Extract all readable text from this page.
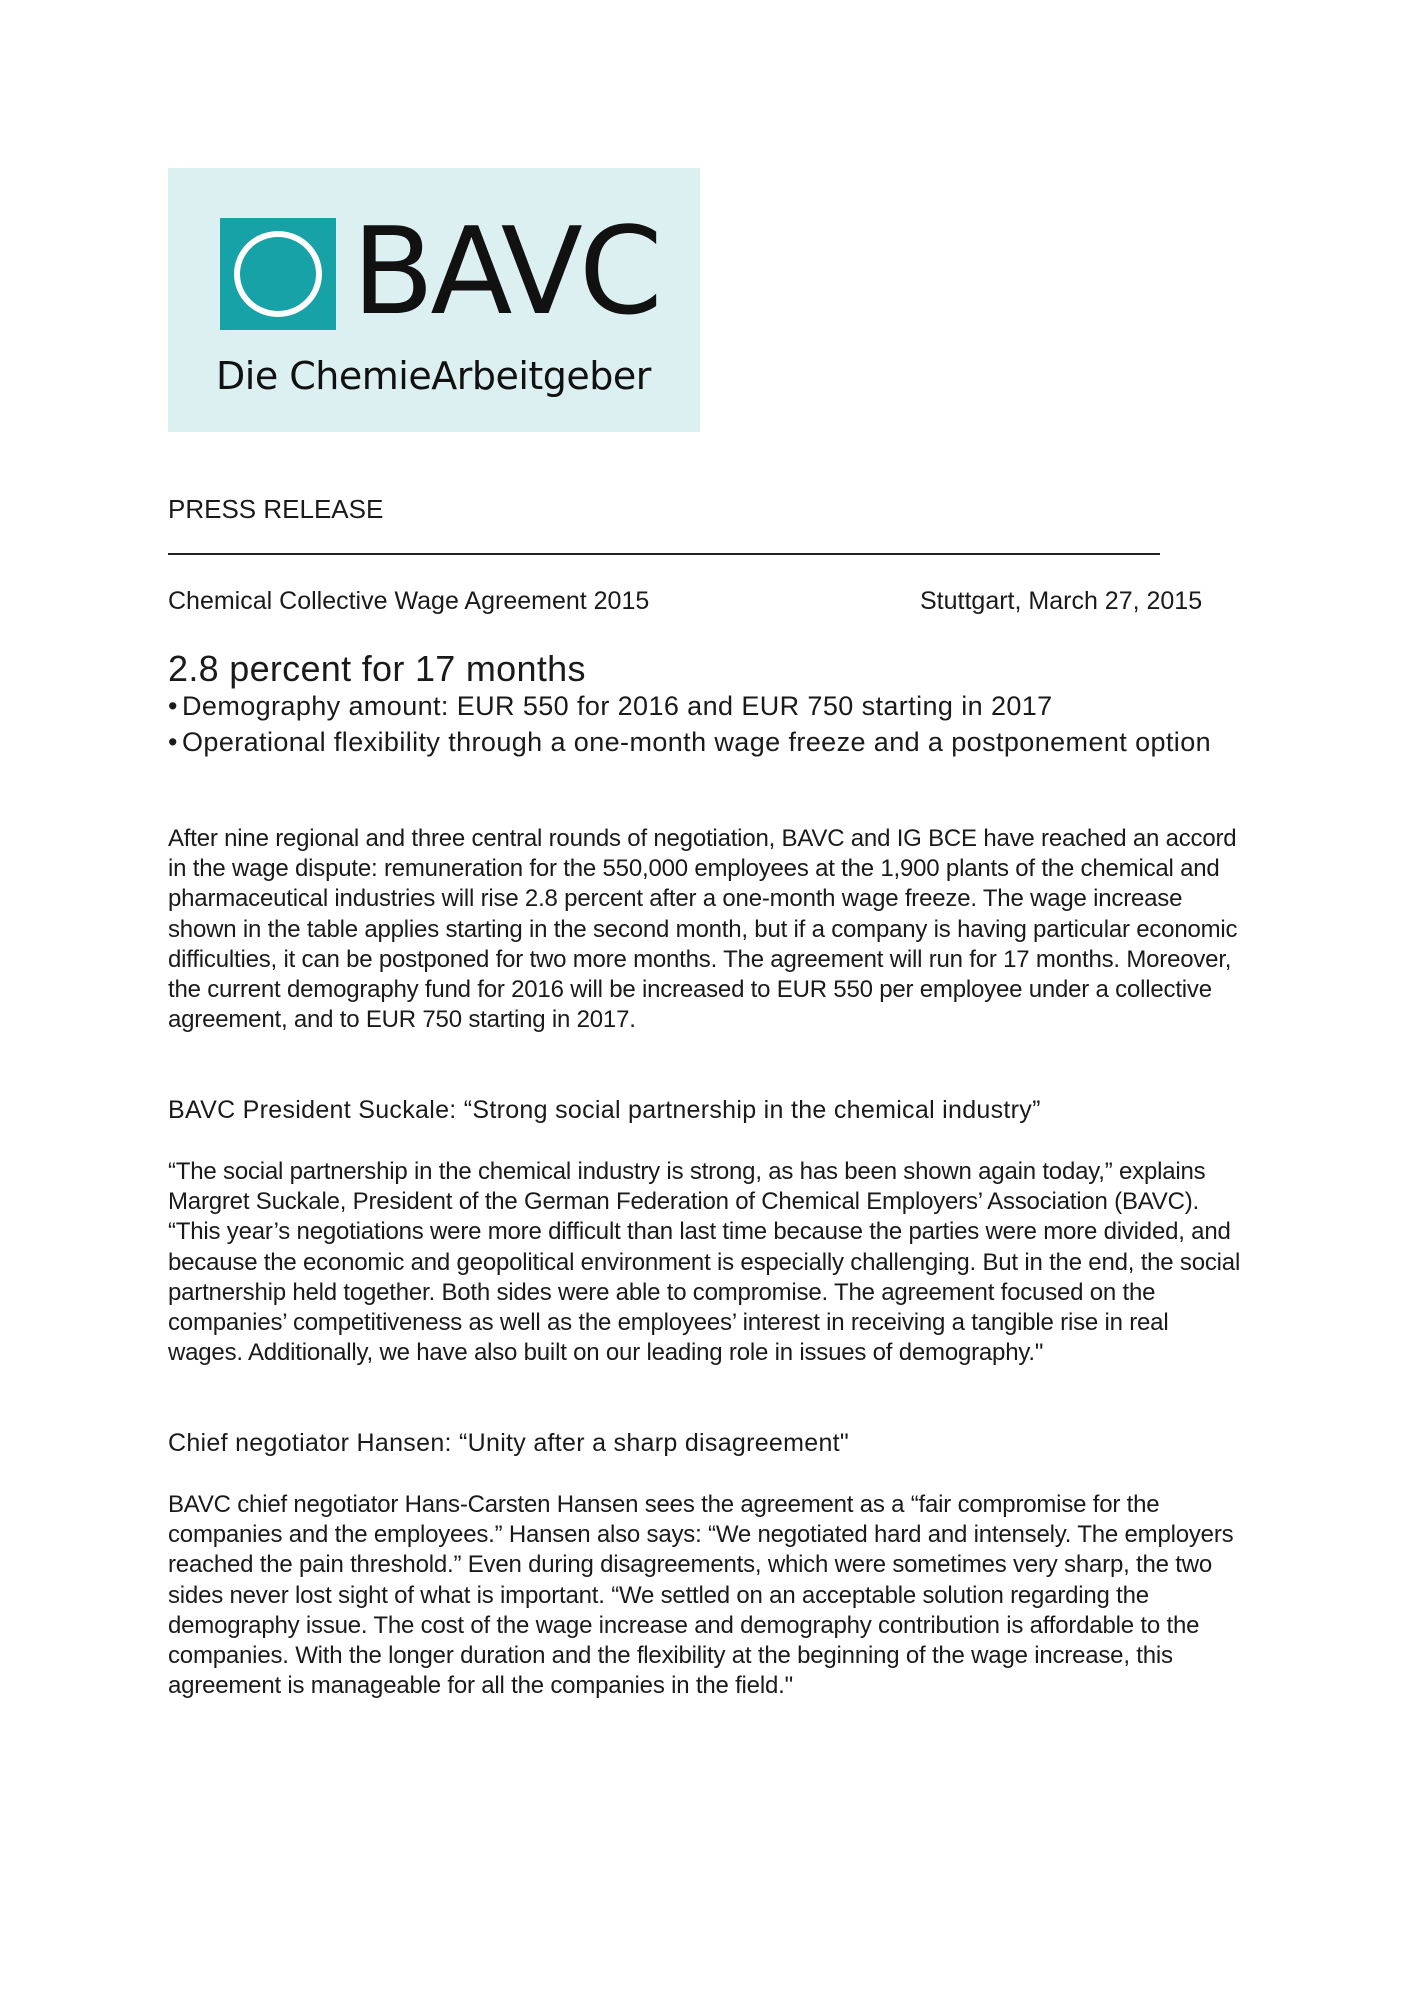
BAVC
Die ChemieArbeitgeber
PRESS RELEASE
Chemical Collective Wage Agreement 2015	Stuttgart, March 27, 2015
2.8 percent for 17 months
• Demography amount: EUR 550 for 2016 and EUR 750 starting in 2017
• Operational flexibility through a one-month wage freeze and a postponement option

After nine regional and three central rounds of negotiation, BAVC and IG BCE have reached an accord in the wage dispute: remuneration for the 550,000 employees at the 1,900 plants of the chemical and pharmaceutical industries will rise 2.8 percent after a one-month wage freeze. The wage increase shown in the table applies starting in the second month, but if a company is having particular economic difficulties, it can be postponed for two more months. The agreement will run for 17 months. Moreover, the current demography fund for 2016 will be increased to EUR 550 per employee under a collective agreement, and to EUR 750 starting in 2017.

BAVC President Suckale: “Strong social partnership in the chemical industry”

“The social partnership in the chemical industry is strong, as has been shown again today,” explains Margret Suckale, President of the German Federation of Chemical Employers’ Association (BAVC). “This year’s negotiations were more difficult than last time because the parties were more divided, and because the economic and geopolitical environment is especially challenging. But in the end, the social partnership held together. Both sides were able to compromise. The agreement focused on the companies’ competitiveness as well as the employees’ interest in receiving a tangible rise in real wages. Additionally, we have also built on our leading role in issues of demography."

Chief negotiator Hansen: “Unity after a sharp disagreement"

BAVC chief negotiator Hans-Carsten Hansen sees the agreement as a “fair compromise for the companies and the employees.” Hansen also says: “We negotiated hard and intensely. The employers reached the pain threshold.” Even during disagreements, which were sometimes very sharp, the two sides never lost sight of what is important. “We settled on an acceptable solution regarding the demography issue. The cost of the wage increase and demography contribution is affordable to the companies. With the longer duration and the flexibility at the beginning of the wage increase, this agreement is manageable for all the companies in the field."
